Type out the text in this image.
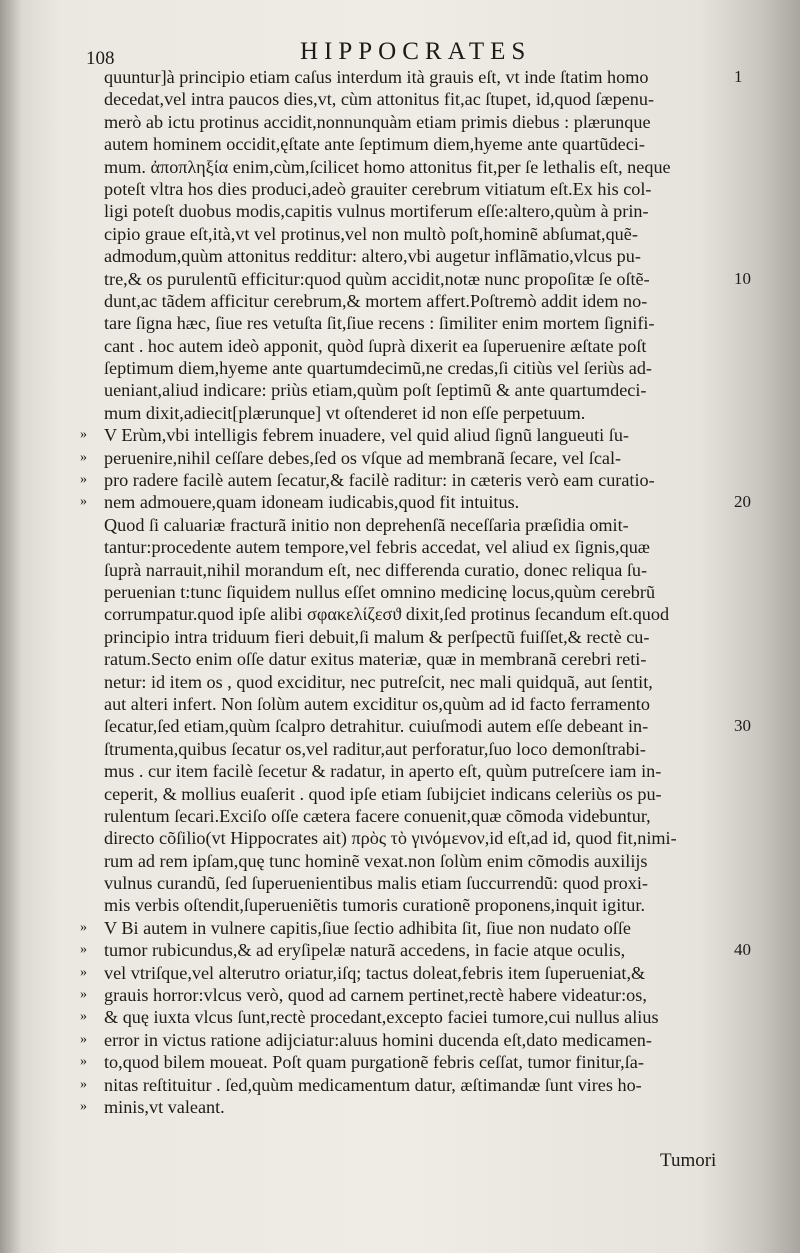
108	HIPPOCRATES
quuntur]à principio etiam caſus interdum ità grauis eſt, vt inde ſtatim homo	1
decedat,vel intra paucos dies,vt, cùm attonitus fit,ac ſtupet, id,quod ſæpenu-
merò ab ictu protinus accidit,nonnunquàm etiam primis diebus : plærunque
autem hominem occidit,ęſtate ante ſeptimum diem,hyeme ante quartũdeci-
mum. ἀποπληξία enim,cùm,ſcilicet homo attonitus fit,per ſe lethalis eſt, neque
poteſt vltra hos dies produci,adeò grauiter cerebrum vitiatum eſt.Ex his col-
ligi poteſt duobus modis,capitis vulnus mortiferum eſſe:altero,quùm à prin-
cipio graue eſt,ità,vt vel protinus,vel non multò poſt,hominẽ abſumat,quẽ-
admodum,quùm attonitus redditur: altero,vbi augetur inflãmatio,vlcus pu-
tre,& os purulentũ efficitur:quod quùm accidit,notæ nunc propoſitæ ſe oſtẽ-	10
dunt,ac tãdem afficitur cerebrum,& mortem affert.Poſtremò addit idem no-
tare ſigna hæc, ſiue res vetuſta ſit,ſiue recens : ſimiliter enim mortem ſignifi-
cant . hoc autem ideò apponit, quòd ſuprà dixerit ea ſuperuenire æſtate poſt
ſeptimum diem,hyeme ante quartumdecimũ,ne credas,ſi citiùs vel ſeriùs ad-
ueniant,aliud indicare: priùs etiam,quùm poſt ſeptimũ & ante quartumdeci-
mum dixit,adiecit[plærunque] vt oſtenderet id non eſſe perpetuum.
» V Erùm,vbi intelligis febrem inuadere, vel quid aliud ſignũ langueuti ſu-
» peruenire,nihil ceſſare debes,ſed os vſque ad membranã ſecare, vel ſcal-
» pro radere facilè autem ſecatur,& facilè raditur: in cæteris verò eam curatio-
» nem admouere,quam idoneam iudicabis,quod fit intuitus.	20
Quod ſi caluariæ fracturã initio non deprehenſã neceſſaria præſidia omit-
tantur:procedente autem tempore,vel febris accedat, vel aliud ex ſignis,quæ
ſuprà narrauit,nihil morandum eſt, nec differenda curatio, donec reliqua ſu-
peruenian t:tunc ſiquidem nullus eſſet omnino medicinę locus,quùm cerebrũ
corrumpatur.quod ipſe alibi σφακελίζεσϑ dixit,ſed protinus ſecandum eſt.quod
principio intra triduum fieri debuit,ſi malum & perſpectũ fuiſſet,& rectè cu-
ratum.Secto enim oſſe datur exitus materiæ, quæ in membranã cerebri reti-
netur: id item os , quod exciditur, nec putreſcit, nec mali quidquã, aut ſentit,
aut alteri infert. Non ſolùm autem exciditur os,quùm ad id facto ferramento
ſecatur,ſed etiam,quùm ſcalpro detrahitur. cuiuſmodi autem eſſe debeant in-	30
ſtrumenta,quibus ſecatur os,vel raditur,aut perforatur,ſuo loco demonſtrabi-
mus . cur item facilè ſecetur & radatur, in aperto eſt, quùm putreſcere iam in-
ceperit, & mollius euaſerit . quod ipſe etiam ſubijciet indicans celeriùs os pu-
rulentum ſecari.Exciſo oſſe cætera facere conuenit,quæ cõmoda videbuntur,
directo cõſilio(vt Hippocrates ait) πρὸς τὸ γινόμενον,id eſt,ad id, quod fit,nimi-
rum ad rem ipſam,quę tunc hominẽ vexat.non ſolùm enim cõmodis auxilijs
vulnus curandũ, ſed ſuperuenientibus malis etiam ſuccurrendũ: quod proxi-
mis verbis oſtendit,ſuperueniẽtis tumoris curationẽ proponens,inquit igitur.
» V Bi autem in vulnere capitis,ſiue ſectio adhibita ſit, ſiue non nudato oſſe
» tumor rubicundus,& ad eryſipelæ naturã accedens, in facie atque oculis,	40
» vel vtriſque,vel alterutro oriatur,iſq; tactus doleat,febris item ſuperueniat,&
» grauis horror:vlcus verò, quod ad carnem pertinet,rectè habere videatur:os,
» & quę iuxta vlcus ſunt,rectè procedant,excepto faciei tumore,cui nullus alius
» error in victus ratione adijciatur:aluus homini ducenda eſt,dato medicamen-
» to,quod bilem moueat. Poſt quam purgationẽ febris ceſſat, tumor finitur,ſa-
» nitas reſtituitur . ſed,quùm medicamentum datur, æſtimandæ ſunt vires ho-
» minis,vt valeant.
Tumori
